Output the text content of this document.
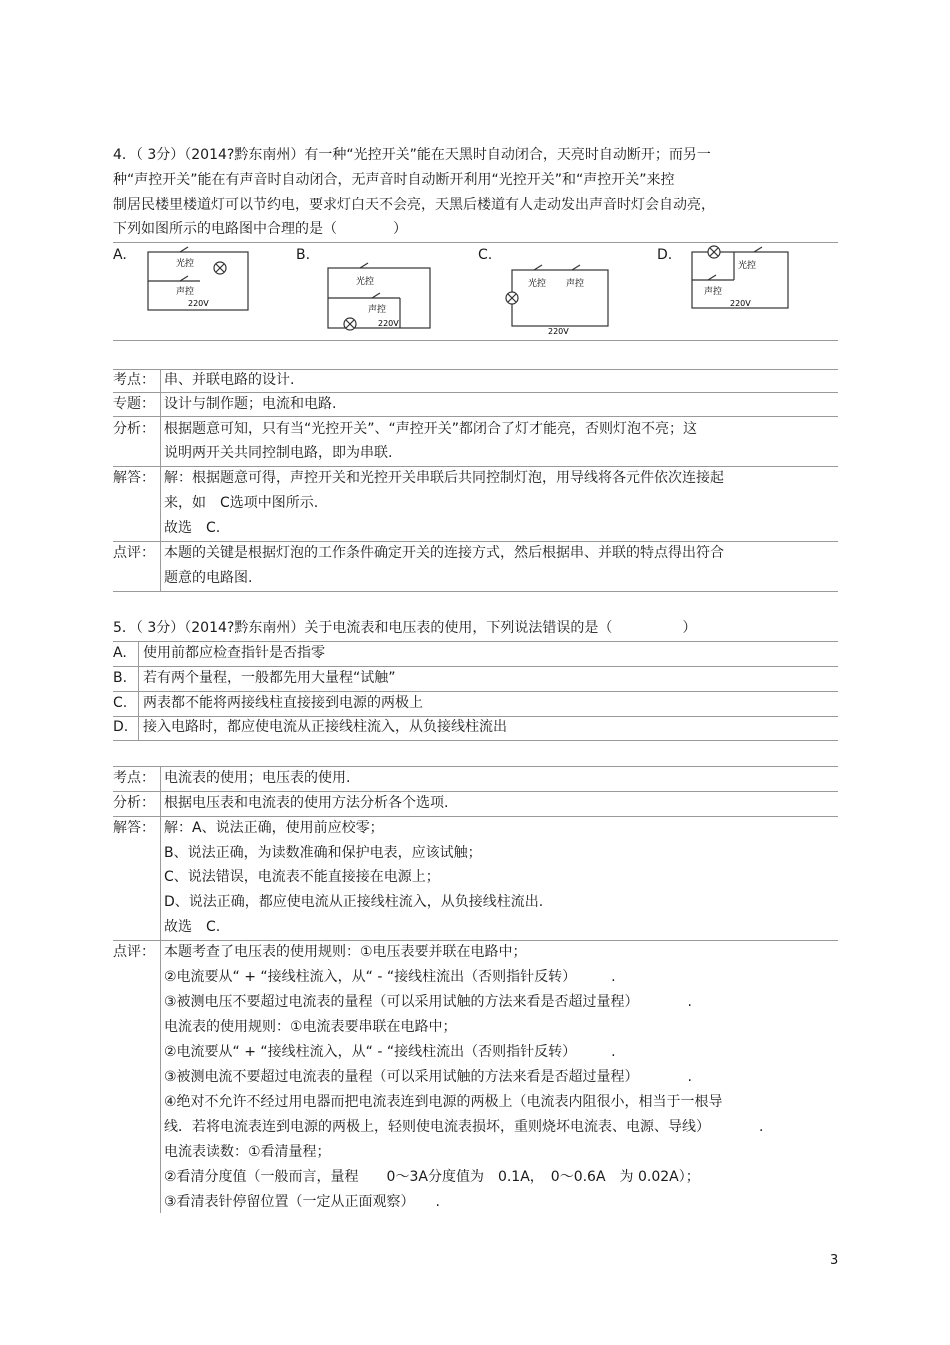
4．（ 3分）（2014?黔东南州）有一种“光控开关”能在天黑时自动闭合，天亮时自动断开；而另一
种“声控开关”能在有声音时自动闭合，无声音时自动断开利用“光控开关”和“声控开关”来控
制居民楼里楼道灯可以节约电，要求灯白天不会亮，天黑后楼道有人走动发出声音时灯会自动亮，
下列如图所示的电路图中合理的是（　　　　）
A.
光控
声控
220V
B.
光控
声控
220V
C.
光控 声控
220V
D.
光控
声控
220V
考点： 串、并联电路的设计.
专题： 设计与制作题；电流和电路.
分析： 根据题意可知，只有当“光控开关”、“声控开关”都闭合了灯才能亮，否则灯泡不亮；这
说明两开关共同控制电路，即为串联.
解答： 解：根据题意可得，声控开关和光控开关串联后共同控制灯泡，用导线将各元件依次连接起
来，如　C选项中图所示.
故选　C.
点评： 本题的关键是根据灯泡的工作条件确定开关的连接方式，然后根据串、并联的特点得出符合
题意的电路图.
5．（ 3分）（2014?黔东南州）关于电流表和电压表的使用，下列说法错误的是（　　　　　）
A. 使用前都应检查指针是否指零
B. 若有两个量程，一般都先用大量程“试触”
C. 两表都不能将两接线柱直接接到电源的两极上
D. 接入电路时，都应使电流从正接线柱流入，从负接线柱流出
考点： 电流表的使用；电压表的使用.
分析： 根据电压表和电流表的使用方法分析各个选项.
解答： 解：A、说法正确，使用前应校零；
B、说法正确，为读数准确和保护电表，应该试触；
C、说法错误，电流表不能直接接在电源上；
D、说法正确，都应使电流从正接线柱流入，从负接线柱流出.
故选　C.
点评： 本题考查了电压表的使用规则：①电压表要并联在电路中；
②电流要从“ + “接线柱流入，从“ - “接线柱流出（否则指针反转）　　　.
③被测电压不要超过电流表的量程（可以采用试触的方法来看是否超过量程）　　　　.
电流表的使用规则：①电流表要串联在电路中；
②电流要从“ + “接线柱流入，从“ - “接线柱流出（否则指针反转）　　　.
③被测电流不要超过电流表的量程（可以采用试触的方法来看是否超过量程）　　　　.
④绝对不允许不经过用电器而把电流表连到电源的两极上（电流表内阻很小，相当于一根导
线．若将电流表连到电源的两极上，轻则使电流表损坏，重则烧坏电流表、电源、导线）　　　　.
电流表读数：①看清量程；
②看清分度值（一般而言，量程　　0～3A分度值为　0.1A，　0～0.6A　为 0.02A）；
③看清表针停留位置（一定从正面观察）　　.
3
